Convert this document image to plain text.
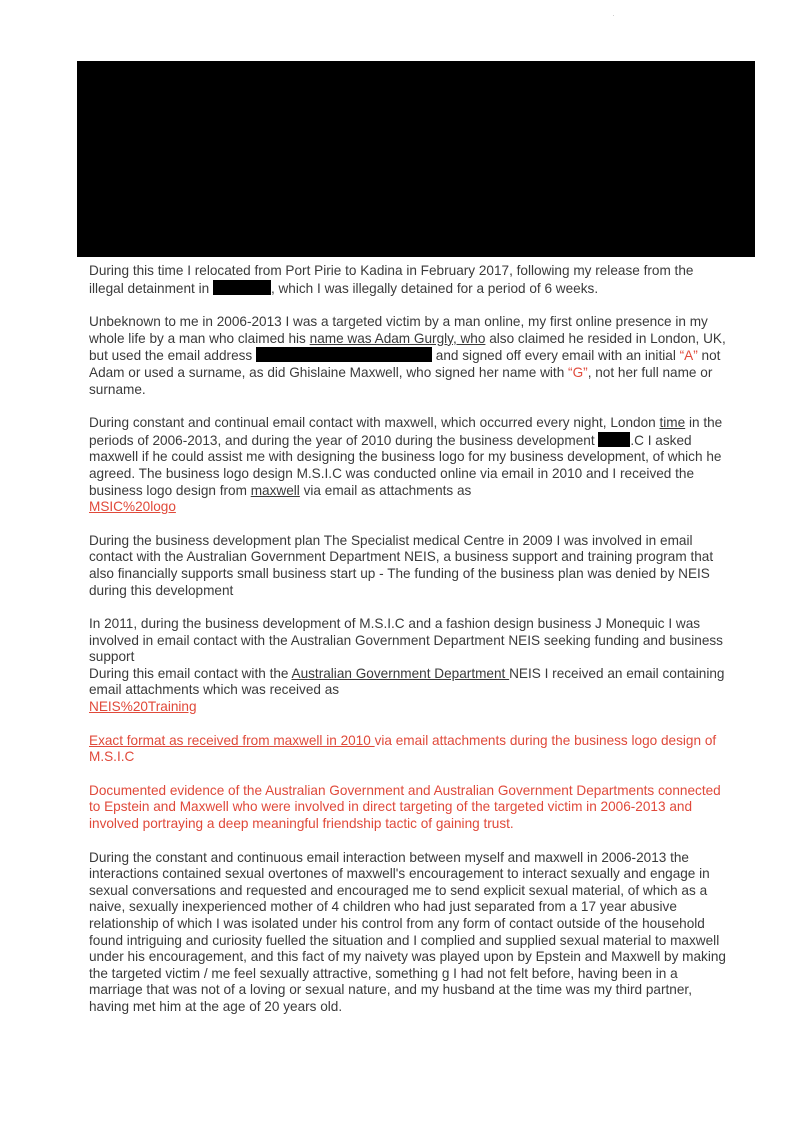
·

During this time I relocated from Port Pirie to Kadina in February 2017, following my release from the illegal detainment in	, which I was illegally detained for a period of 6 weeks.

Unbeknown to me in 2006-2013 I was a targeted victim by a man online, my first online presence in my whole life by a man who claimed his name was Adam Gurgly, who also claimed he resided in London, UK, but used the email address	and signed off every email with an initial “A” not Adam or used a surname, as did Ghislaine Maxwell, who signed her name with “G”, not her full name or surname.

During constant and continual email contact with maxwell, which occurred every night, London time in the periods of 2006-2013, and during the year of 2010 during the business development .C I asked maxwell if he could assist me with designing the business logo for my business development, of which he agreed. The business logo design M.S.I.C was conducted online via email in 2010 and I received the business logo design from maxwell via email as attachments as
MSIC%20logo

During the business development plan The Specialist medical Centre in 2009 I was involved in email contact with the Australian Government Department NEIS, a business support and training program that also financially supports small business start up - The funding of the business plan was denied by NEIS during this development

In 2011, during the business development of M.S.I.C and a fashion design business J Monequic I was involved in email contact with the Australian Government Department NEIS seeking funding and business support
During this email contact with the Australian Government Department NEIS I received an email containing email attachments which was received as
NEIS%20Training

Exact format as received from maxwell in 2010 via email attachments during the business logo design of M.S.I.C

Documented evidence of the Australian Government and Australian Government Departments connected to Epstein and Maxwell who were involved in direct targeting of the targeted victim in 2006-2013 and involved portraying a deep meaningful friendship tactic of gaining trust.

During the constant and continuous email interaction between myself and maxwell in 2006-2013 the interactions contained sexual overtones of maxwell's encouragement to interact sexually and engage in sexual conversations and requested and encouraged me to send explicit sexual material, of which as a naive, sexually inexperienced mother of 4 children who had just separated from a 17 year abusive relationship of which I was isolated under his control from any form of contact outside of the household found intriguing and curiosity fuelled the situation and I complied and supplied sexual material to maxwell under his encouragement, and this fact of my naivety was played upon by Epstein and Maxwell by making the targeted victim / me feel sexually attractive, something g I had not felt before, having been in a marriage that was not of a loving or sexual nature, and my husband at the time was my third partner, having met him at the age of 20 years old.
